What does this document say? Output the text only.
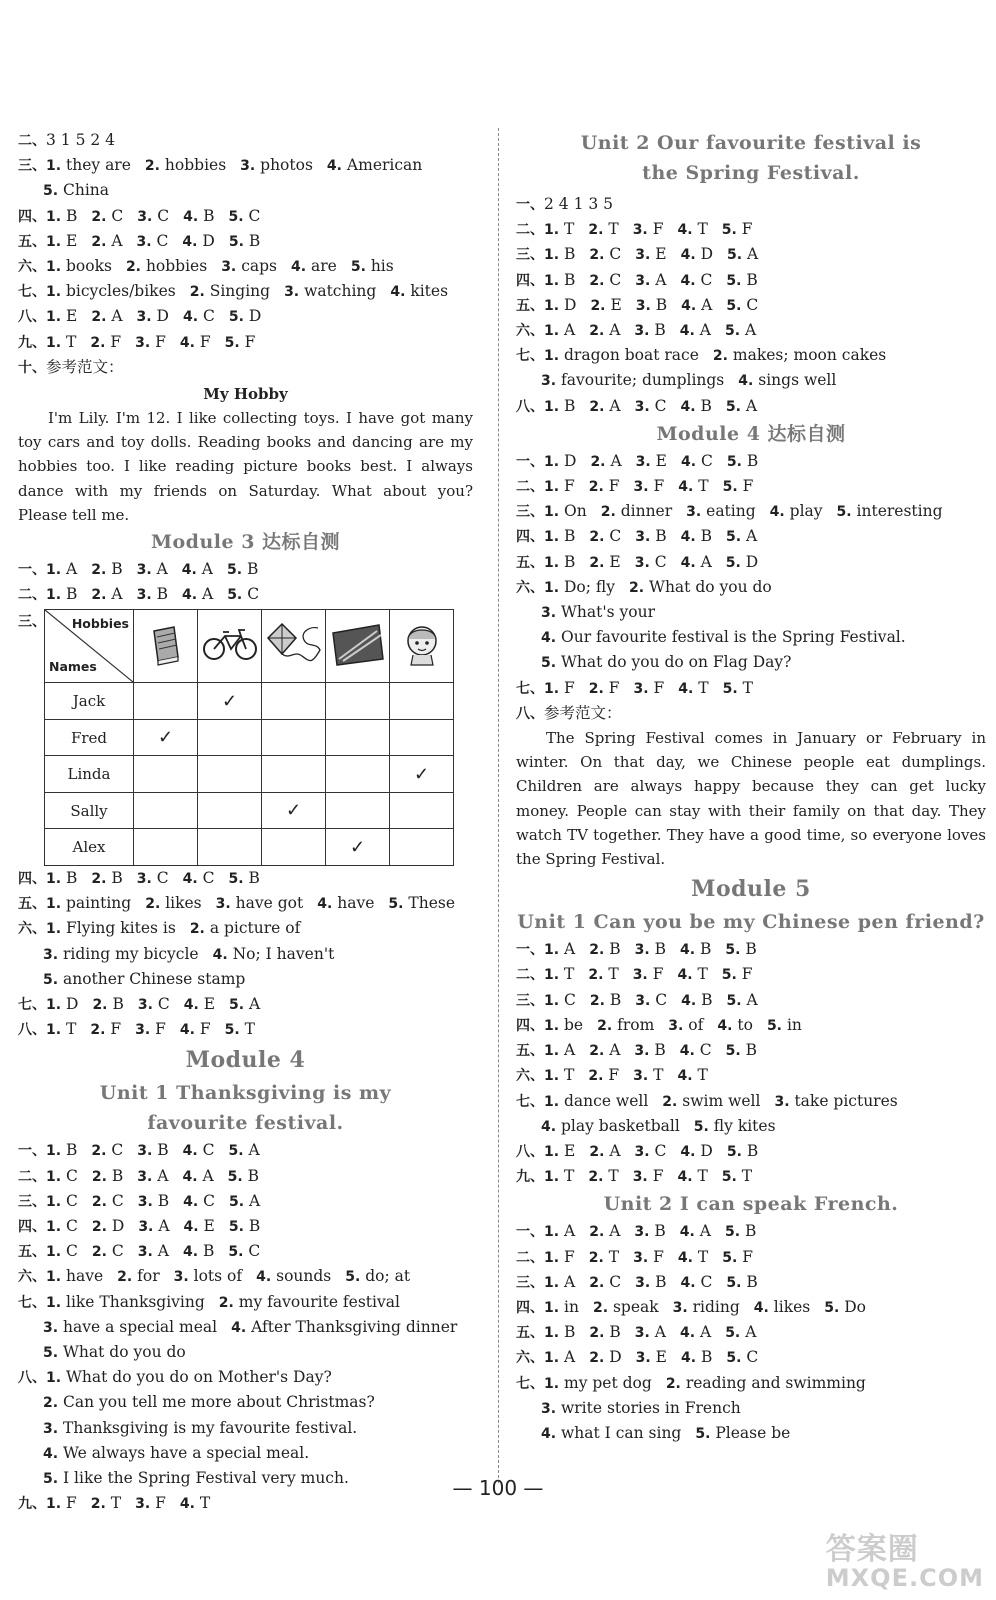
二、3 1 5 2 4
三、1. they are 2. hobbies 3. photos 4. American
5. China
四、1. B 2. C 3. C 4. B 5. C
五、1. E 2. A 3. C 4. D 5. B
六、1. books 2. hobbies 3. caps 4. are 5. his
七、1. bicycles/bikes 2. Singing 3. watching 4. kites
八、1. E 2. A 3. D 4. C 5. D
九、1. T 2. F 3. F 4. F 5. F
十、参考范文：
My Hobby
I'm Lily. I'm 12. I like collecting toys. I have got many toy cars and toy dolls. Reading books and dancing are my hobbies too. I like reading picture books best. I always dance with my friends on Saturday. What about you? Please tell me.
Module 3 达标自测
一、1. A 2. B 3. A 4. A 5. B
二、1. B 2. A 3. B 4. A 5. C
三、 Hobbies
Names

Jack		✓			
Fred	✓				
Linda					✓
Sally			✓		
Alex				✓	
四、1. B 2. B 3. C 4. C 5. B
五、1. painting 2. likes 3. have got 4. have 5. These
六、1. Flying kites is 2. a picture of
3. riding my bicycle 4. No; I haven't
5. another Chinese stamp
七、1. D 2. B 3. C 4. E 5. A
八、1. T 2. F 3. F 4. F 5. T
Module 4
Unit 1 Thanksgiving is my
favourite festival.
一、1. B 2. C 3. B 4. C 5. A
二、1. C 2. B 3. A 4. A 5. B
三、1. C 2. C 3. B 4. C 5. A
四、1. C 2. D 3. A 4. E 5. B
五、1. C 2. C 3. A 4. B 5. C
六、1. have 2. for 3. lots of 4. sounds 5. do; at
七、1. like Thanksgiving 2. my favourite festival
3. have a special meal 4. After Thanksgiving dinner
5. What do you do
八、1. What do you do on Mother's Day?
2. Can you tell me more about Christmas?
3. Thanksgiving is my favourite festival.
4. We always have a special meal.
5. I like the Spring Festival very much.
九、1. F 2. T 3. F 4. T
Unit 2 Our favourite festival is
the Spring Festival.
一、2 4 1 3 5
二、1. T 2. T 3. F 4. T 5. F
三、1. B 2. C 3. E 4. D 5. A
四、1. B 2. C 3. A 4. C 5. B
五、1. D 2. E 3. B 4. A 5. C
六、1. A 2. A 3. B 4. A 5. A
七、1. dragon boat race 2. makes; moon cakes
3. favourite; dumplings 4. sings well
八、1. B 2. A 3. C 4. B 5. A
Module 4 达标自测
一、1. D 2. A 3. E 4. C 5. B
二、1. F 2. F 3. F 4. T 5. F
三、1. On 2. dinner 3. eating 4. play 5. interesting
四、1. B 2. C 3. B 4. B 5. A
五、1. B 2. E 3. C 4. A 5. D
六、1. Do; fly 2. What do you do
3. What's your
4. Our favourite festival is the Spring Festival.
5. What do you do on Flag Day?
七、1. F 2. F 3. F 4. T 5. T
八、参考范文：
The Spring Festival comes in January or February in winter. On that day, we Chinese people eat dumplings. Children are always happy because they can get lucky money. People can stay with their family on that day. They watch TV together. They have a good time, so everyone loves the Spring Festival.
Module 5
Unit 1 Can you be my Chinese pen friend?
一、1. A 2. B 3. B 4. B 5. B
二、1. T 2. T 3. F 4. T 5. F
三、1. C 2. B 3. C 4. B 5. A
四、1. be 2. from 3. of 4. to 5. in
五、1. A 2. A 3. B 4. C 5. B
六、1. T 2. F 3. T 4. T
七、1. dance well 2. swim well 3. take pictures
4. play basketball 5. fly kites
八、1. E 2. A 3. C 4. D 5. B
九、1. T 2. T 3. F 4. T 5. T
Unit 2 I can speak French.
一、1. A 2. A 3. B 4. A 5. B
二、1. F 2. T 3. F 4. T 5. F
三、1. A 2. C 3. B 4. C 5. B
四、1. in 2. speak 3. riding 4. likes 5. Do
五、1. B 2. B 3. A 4. A 5. A
六、1. A 2. D 3. E 4. B 5. C
七、1. my pet dog 2. reading and swimming
3. write stories in French
4. what I can sing 5. Please be
— 100 —
答案圈
MXQE.COM
